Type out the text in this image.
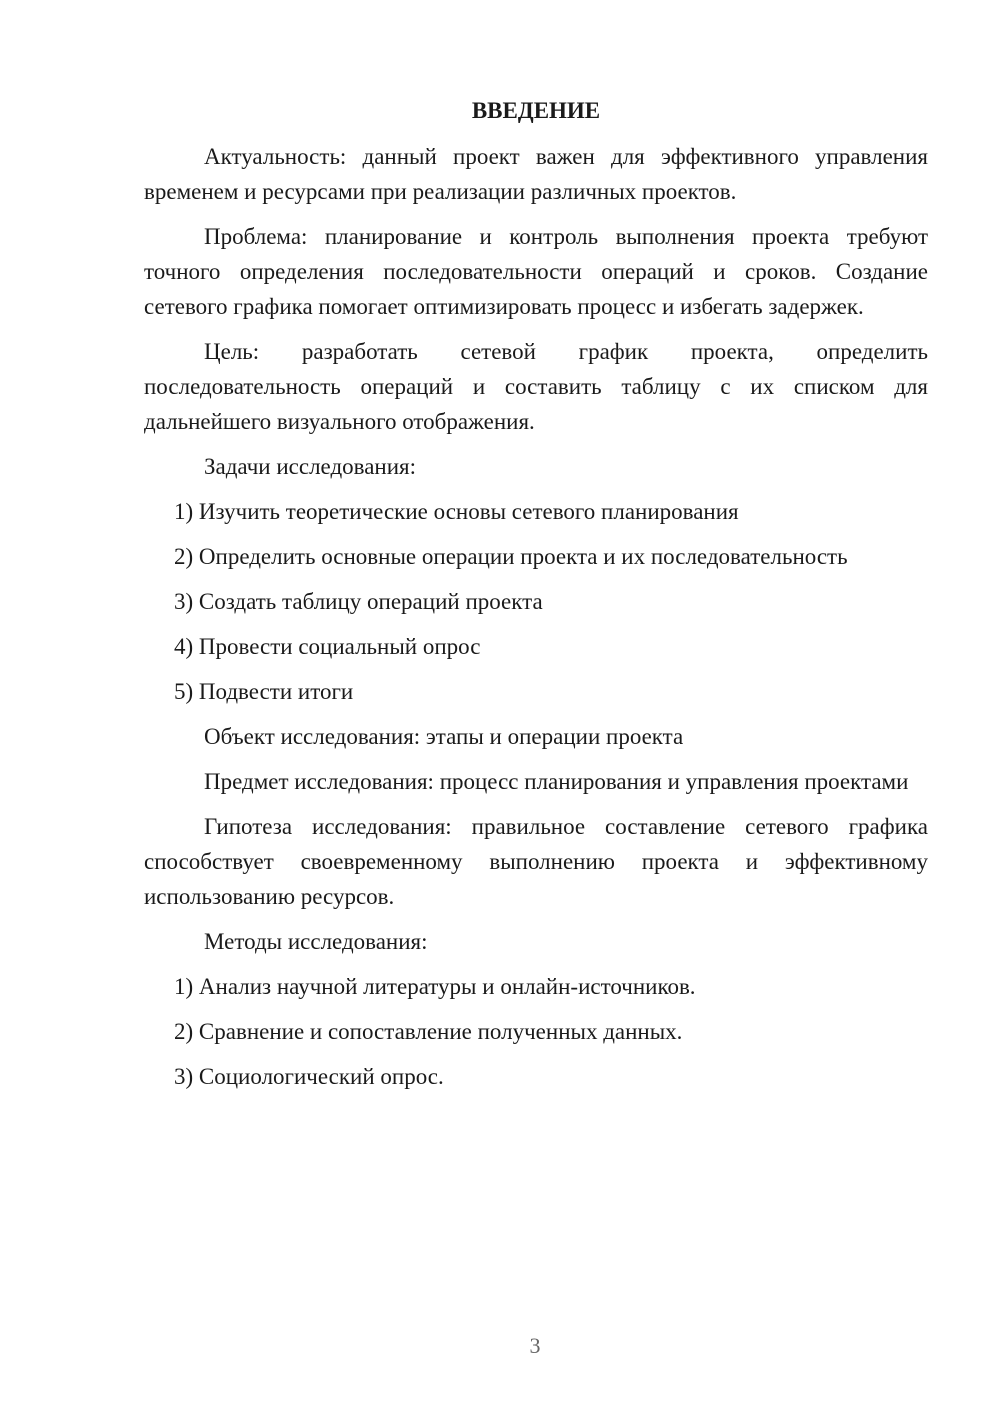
ВВЕДЕНИЕ

Актуальность: данный проект важен для эффективного управления временем и ресурсами при реализации различных проектов.

Проблема: планирование и контроль выполнения проекта требуют точного определения последовательности операций и сроков. Создание сетевого графика помогает оптимизировать процесс и избегать задержек.

Цель: разработать сетевой график проекта, определить последовательность операций и составить таблицу с их списком для дальнейшего визуального отображения.

Задачи исследования:

1) Изучить теоретические основы сетевого планирования
2) Определить основные операции проекта и их последовательность
3) Создать таблицу операций проекта
4) Провести социальный опрос
5) Подвести итоги

Объект исследования: этапы и операции проекта

Предмет исследования: процесс планирования и управления проектами

Гипотеза исследования: правильное составление сетевого графика способствует своевременному выполнению проекта и эффективному использованию ресурсов.

Методы исследования:

1) Анализ научной литературы и онлайн-источников.
2) Сравнение и сопоставление полученных данных.
3) Социологический опрос.
3
